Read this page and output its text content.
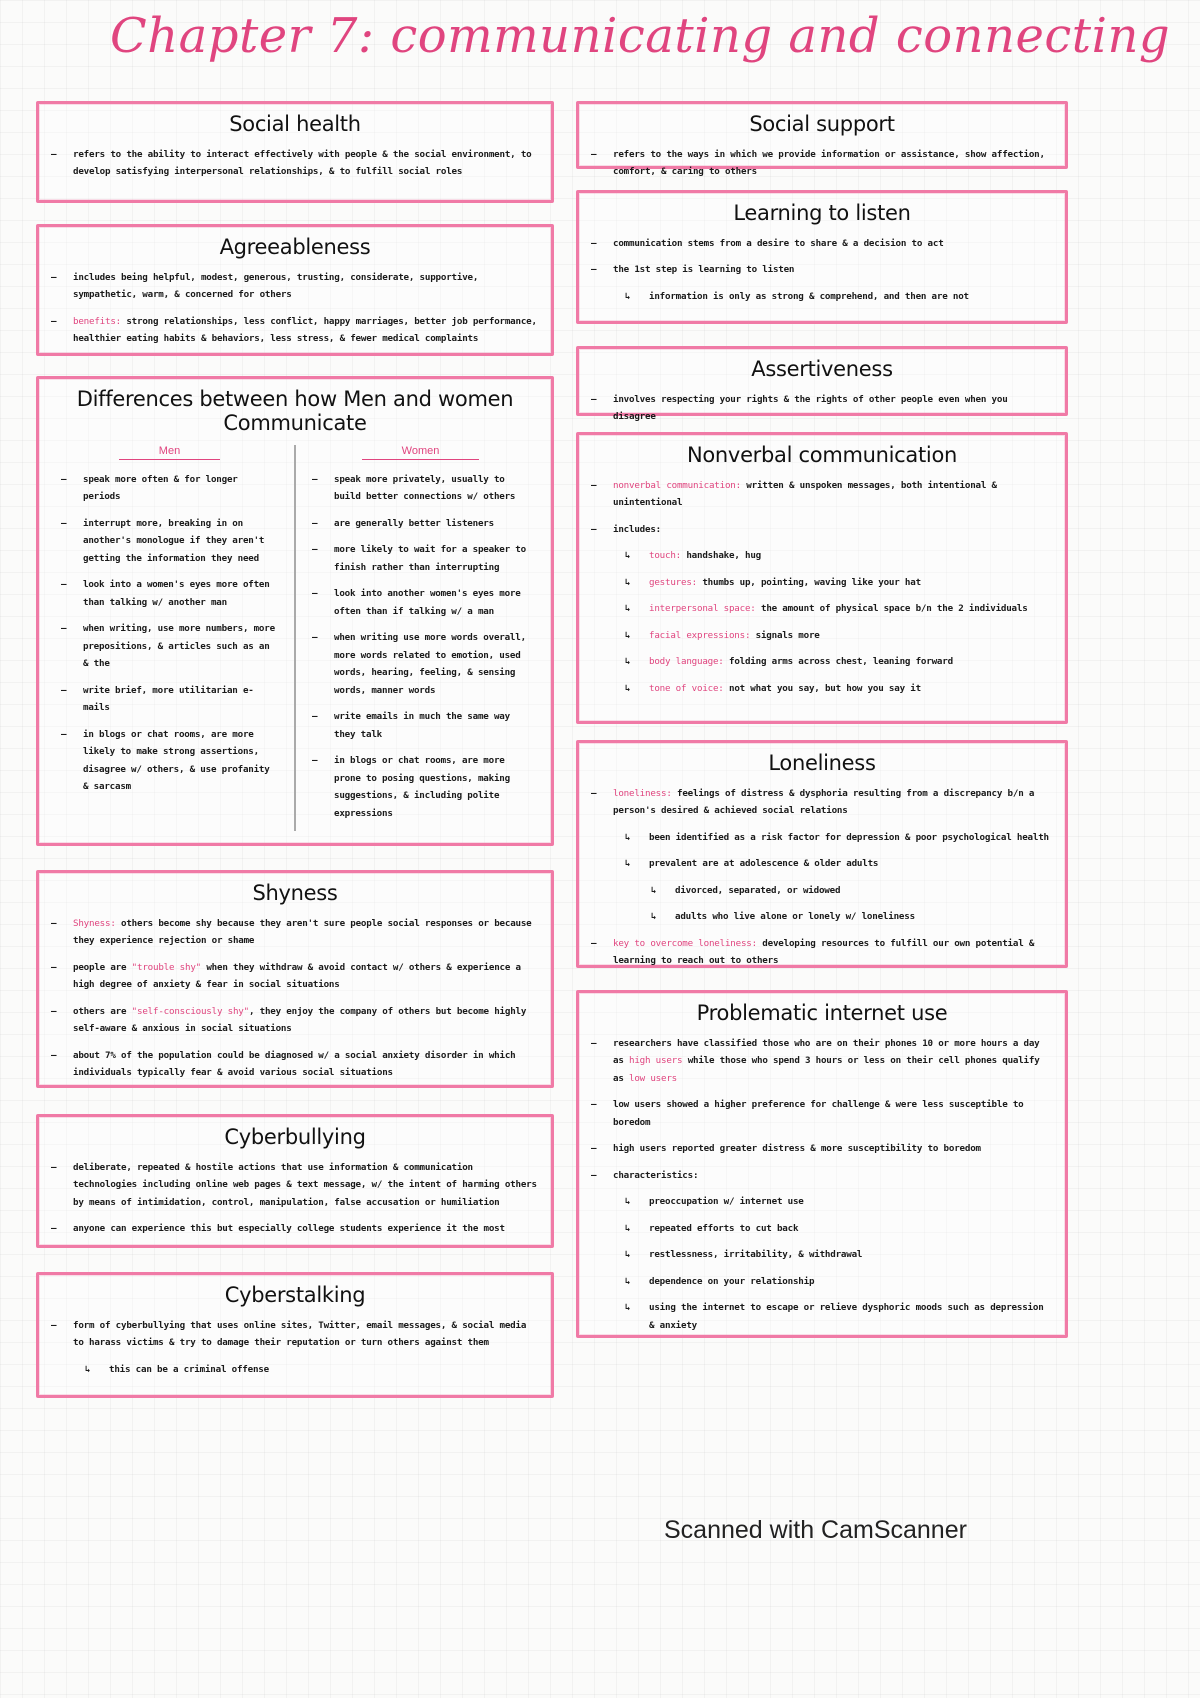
Chapter 7: communicating and connecting
Social health
– refers to the ability to interact effectively with people & the social environment, to develop satisfying interpersonal relationships, & to fulfill social roles
Agreeableness
– includes being helpful, modest, generous, trusting, considerate, supportive, sympathetic, warm, & concerned for others
– benefits: strong relationships, less conflict, happy marriages, better job performance, healthier eating habits & behaviors, less stress, & fewer medical complaints
Differences between how Men and women Communicate
Men
– speak more often & for longer periods
– interrupt more, breaking in on another's monologue if they aren't getting the information they need
– look into a women's eyes more often than talking w/ another man
– when writing, use more numbers, more prepositions, & articles such as an & the
– write brief, more utilitarian e-mails
– in blogs or chat rooms, are more likely to make strong assertions, disagree w/ others, & use profanity & sarcasm
Women
– speak more privately, usually to build better connections w/ others
– are generally better listeners
– more likely to wait for a speaker to finish rather than interrupting
– look into another women's eyes more often than if talking w/ a man
– when writing use more words overall, more words related to emotion, used words, hearing, feeling, & sensing words, manner words
– write emails in much the same way they talk
– in blogs or chat rooms, are more prone to posing questions, making suggestions, & including polite expressions
Shyness
– Shyness: others become shy because they aren't sure people social responses or because they experience rejection or shame
– people are "trouble shy" when they withdraw & avoid contact w/ others & experience a high degree of anxiety & fear in social situations
– others are "self-consciously shy", they enjoy the company of others but become highly self-aware & anxious in social situations
– about 7% of the population could be diagnosed w/ a social anxiety disorder in which individuals typically fear & avoid various social situations
Cyberbullying
– deliberate, repeated & hostile actions that use information & communication technologies including online web pages & text message, w/ the intent of harming others by means of intimidation, control, manipulation, false accusation or humiliation
– anyone can experience this but especially college students experience it the most
Cyberstalking
– form of cyberbullying that uses online sites, Twitter, email messages, & social media to harass victims & try to damage their reputation or turn others against them
↳ this can be a criminal offense
Social support
– refers to the ways in which we provide information or assistance, show affection, comfort, & caring to others
Learning to listen
– communication stems from a desire to share & a decision to act
– the 1st step is learning to listen
↳ information is only as strong & comprehend, and then are not
Assertiveness
– involves respecting your rights & the rights of other people even when you disagree
Nonverbal communication
– nonverbal communication: written & unspoken messages, both intentional & unintentional
– includes:
↳ touch: handshake, hug
↳ gestures: thumbs up, pointing, waving like your hat
↳ interpersonal space: the amount of physical space b/n the 2 individuals
↳ facial expressions: signals more
↳ body language: folding arms across chest, leaning forward
↳ tone of voice: not what you say, but how you say it
Loneliness
– loneliness: feelings of distress & dysphoria resulting from a discrepancy b/n a person's desired & achieved social relations
↳ been identified as a risk factor for depression & poor psychological health
↳ prevalent are at adolescence & older adults
↳ divorced, separated, or widowed
↳ adults who live alone or lonely w/ loneliness
– key to overcome loneliness: developing resources to fulfill our own potential & learning to reach out to others
Problematic internet use
– researchers have classified those who are on their phones 10 or more hours a day as high users while those who spend 3 hours or less on their cell phones qualify as low users
– low users showed a higher preference for challenge & were less susceptible to boredom
– high users reported greater distress & more susceptibility to boredom
– characteristics:
↳ preoccupation w/ internet use
↳ repeated efforts to cut back
↳ restlessness, irritability, & withdrawal
↳ dependence on your relationship
↳ using the internet to escape or relieve dysphoric moods such as depression & anxiety
Scanned with CamScanner
